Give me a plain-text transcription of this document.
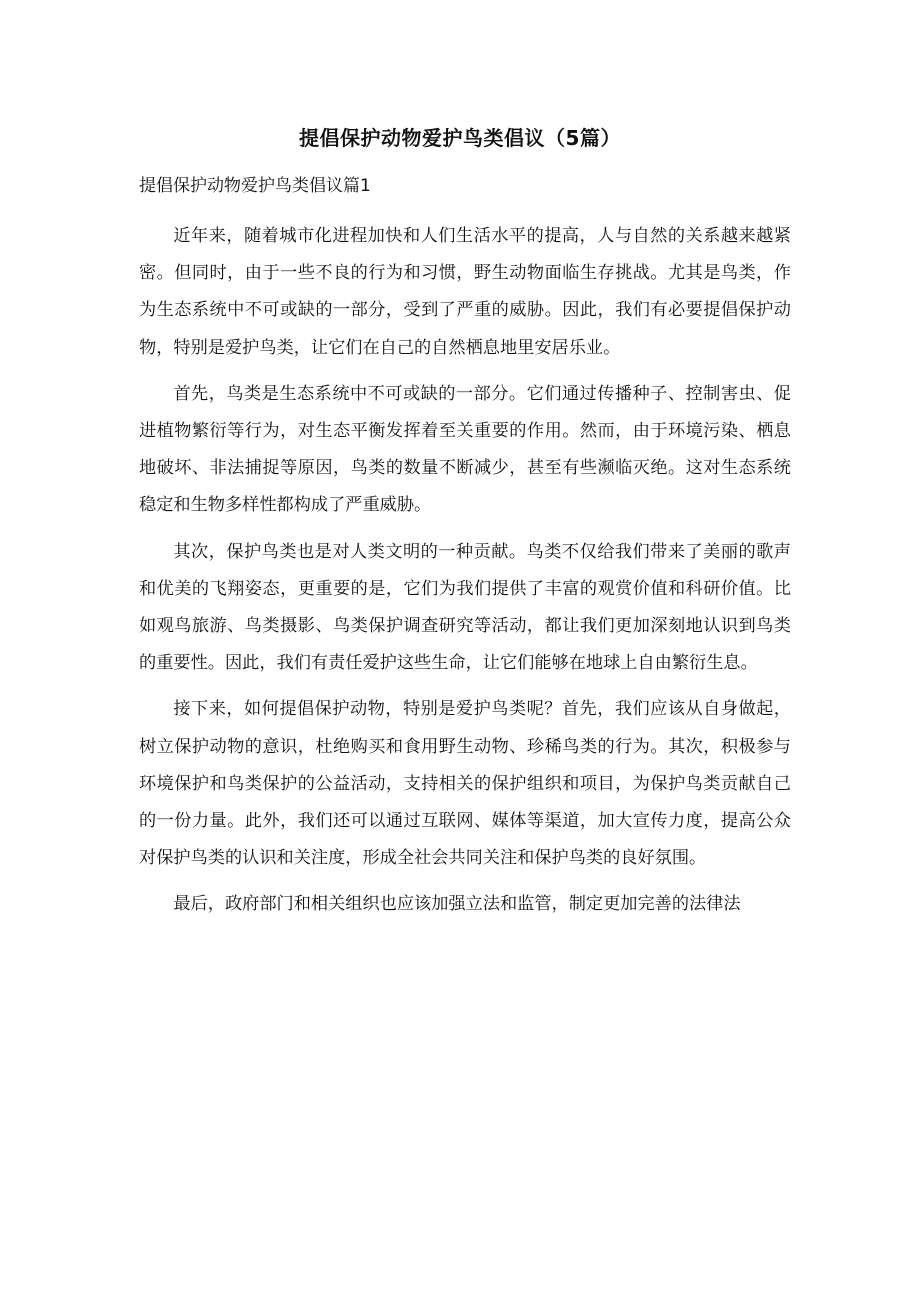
提倡保护动物爱护鸟类倡议（5篇）
提倡保护动物爱护鸟类倡议篇1

近年来，随着城市化进程加快和人们生活水平的提高，人与自然的关系越来越紧密。但同时，由于一些不良的行为和习惯，野生动物面临生存挑战。尤其是鸟类，作为生态系统中不可或缺的一部分，受到了严重的威胁。因此，我们有必要提倡保护动物，特别是爱护鸟类，让它们在自己的自然栖息地里安居乐业。

首先，鸟类是生态系统中不可或缺的一部分。它们通过传播种子、控制害虫、促进植物繁衍等行为，对生态平衡发挥着至关重要的作用。然而，由于环境污染、栖息地破坏、非法捕捉等原因，鸟类的数量不断减少，甚至有些濒临灭绝。这对生态系统稳定和生物多样性都构成了严重威胁。

其次，保护鸟类也是对人类文明的一种贡献。鸟类不仅给我们带来了美丽的歌声和优美的飞翔姿态，更重要的是，它们为我们提供了丰富的观赏价值和科研价值。比如观鸟旅游、鸟类摄影、鸟类保护调查研究等活动，都让我们更加深刻地认识到鸟类的重要性。因此，我们有责任爱护这些生命，让它们能够在地球上自由繁衍生息。

接下来，如何提倡保护动物，特别是爱护鸟类呢？首先，我们应该从自身做起，树立保护动物的意识，杜绝购买和食用野生动物、珍稀鸟类的行为。其次，积极参与环境保护和鸟类保护的公益活动，支持相关的保护组织和项目，为保护鸟类贡献自己的一份力量。此外，我们还可以通过互联网、媒体等渠道，加大宣传力度，提高公众对保护鸟类的认识和关注度，形成全社会共同关注和保护鸟类的良好氛围。

最后，政府部门和相关组织也应该加强立法和监管，制定更加完善的法律法
